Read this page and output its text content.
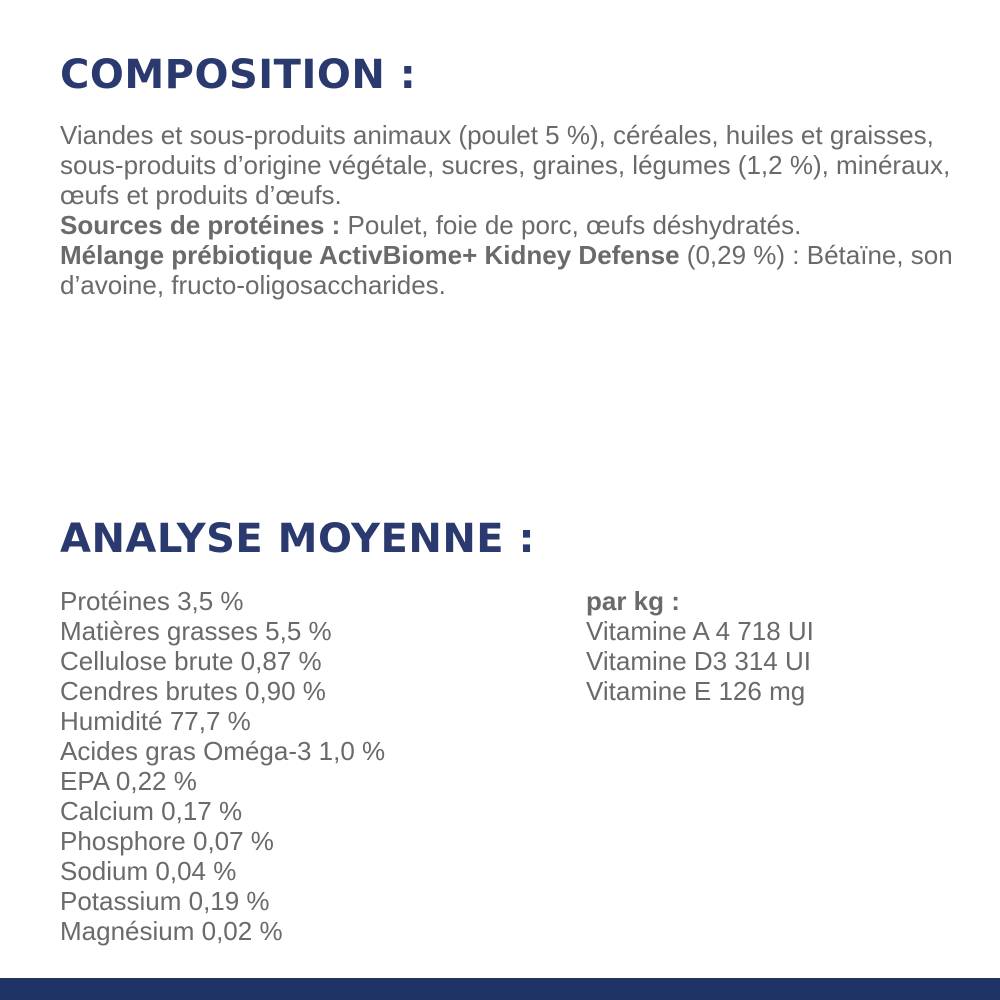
COMPOSITION :

Viandes et sous-produits animaux (poulet 5 %), céréales, huiles et graisses, sous-produits d’origine végétale, sucres, graines, légumes (1,2 %), minéraux, œufs et produits d’œufs.

Sources de protéines : Poulet, foie de porc, œufs déshydratés.

Mélange prébiotique ActivBiome+ Kidney Defense (0,29 %) : Bétaïne, son d’avoine, fructo-oligosaccharides.

ANALYSE MOYENNE :
Protéines 3,5 %
Matières grasses 5,5 %
Cellulose brute 0,87 %
Cendres brutes 0,90 %
Humidité 77,7 %
Acides gras Oméga-3 1,0 %
EPA 0,22 %
Calcium 0,17 %
Phosphore 0,07 %
Sodium 0,04 %
Potassium 0,19 %
Magnésium 0,02 %
par kg :
Vitamine A 4 718 UI
Vitamine D3 314 UI
Vitamine E 126 mg
